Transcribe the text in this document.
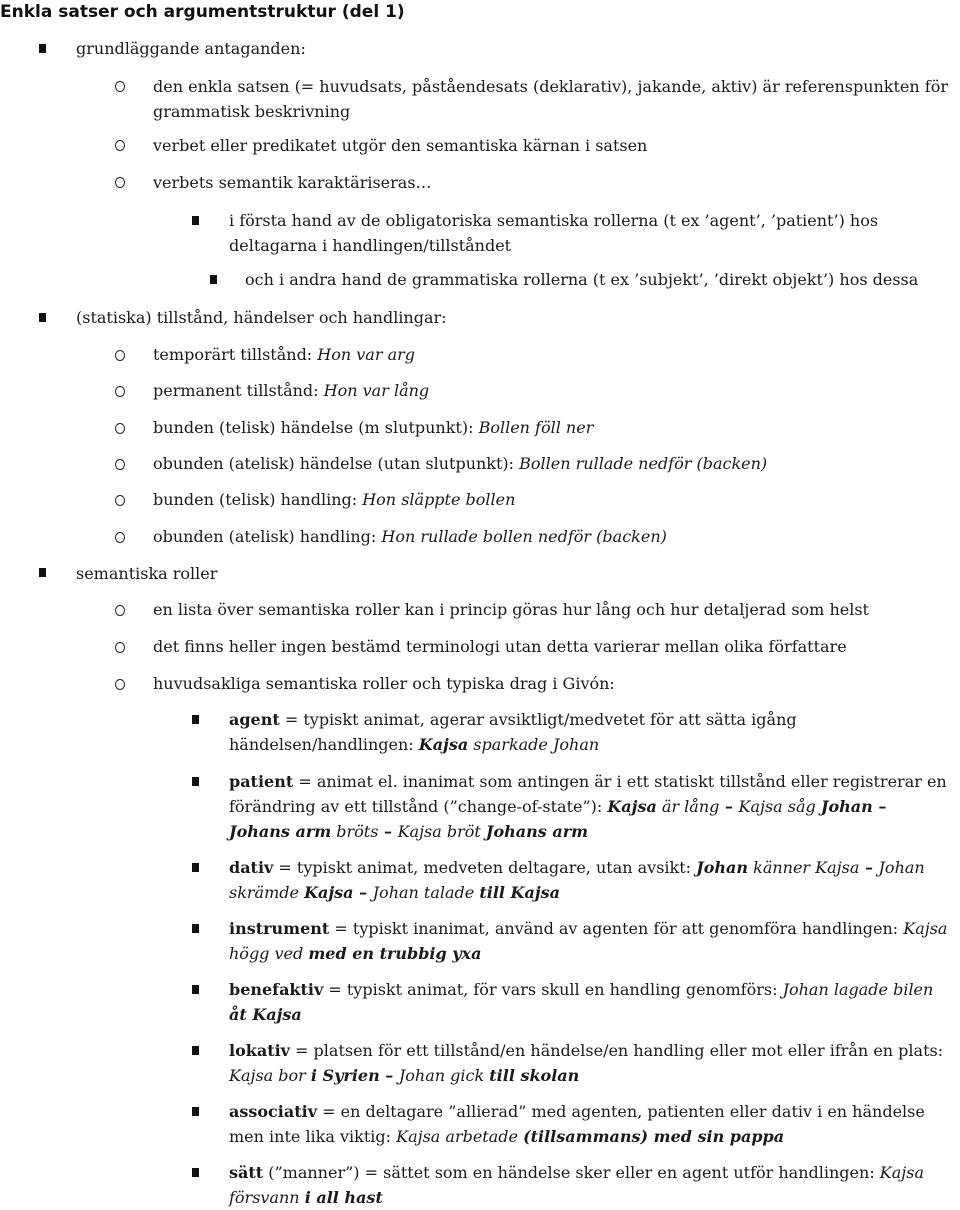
Enkla satser och argumentstruktur (del 1)
grundläggande antaganden:
den enkla satsen (= huvudsats, påståendesats (deklarativ), jakande, aktiv) är referenspunkten för grammatisk beskrivning
verbet eller predikatet utgör den semantiska kärnan i satsen
verbets semantik karaktäriseras…
i första hand av de obligatoriska semantiska rollerna (t ex ’agent’, ’patient’) hos deltagarna i handlingen/tillståndet
och i andra hand de grammatiska rollerna (t ex ’subjekt’, ’direkt objekt’) hos dessa
(statiska) tillstånd, händelser och handlingar:
temporärt tillstånd: Hon var arg
permanent tillstånd: Hon var lång
bunden (telisk) händelse (m slutpunkt): Bollen föll ner
obunden (atelisk) händelse (utan slutpunkt): Bollen rullade nedför (backen)
bunden (telisk) handling: Hon släppte bollen
obunden (atelisk) handling: Hon rullade bollen nedför (backen)
semantiska roller
en lista över semantiska roller kan i princip göras hur lång och hur detaljerad som helst
det finns heller ingen bestämd terminologi utan detta varierar mellan olika författare
huvudsakliga semantiska roller och typiska drag i Givón:
agent = typiskt animat, agerar avsiktligt/medvetet för att sätta igång händelsen/handlingen: Kajsa sparkade Johan
patient = animat el. inanimat som antingen är i ett statiskt tillstånd eller registrerar en förändring av ett tillstånd (”change-of-state”): Kajsa är lång – Kajsa såg Johan –
Johans arm bröts – Kajsa bröt Johans arm
dativ = typiskt animat, medveten deltagare, utan avsikt: Johan känner Kajsa – Johan skrämde Kajsa – Johan talade till Kajsa
instrument = typiskt inanimat, använd av agenten för att genomföra handlingen: Kajsa högg ved med en trubbig yxa
benefaktiv = typiskt animat, för vars skull en handling genomförs: Johan lagade bilen åt Kajsa
lokativ = platsen för ett tillstånd/en händelse/en handling eller mot eller ifrån en plats: Kajsa bor i Syrien – Johan gick till skolan
associativ = en deltagare ”allierad” med agenten, patienten eller dativ i en händelse men inte lika viktig: Kajsa arbetade (tillsammans) med sin pappa
sätt (”manner”) = sättet som en händelse sker eller en agent utför handlingen: Kajsa försvann i all hast
